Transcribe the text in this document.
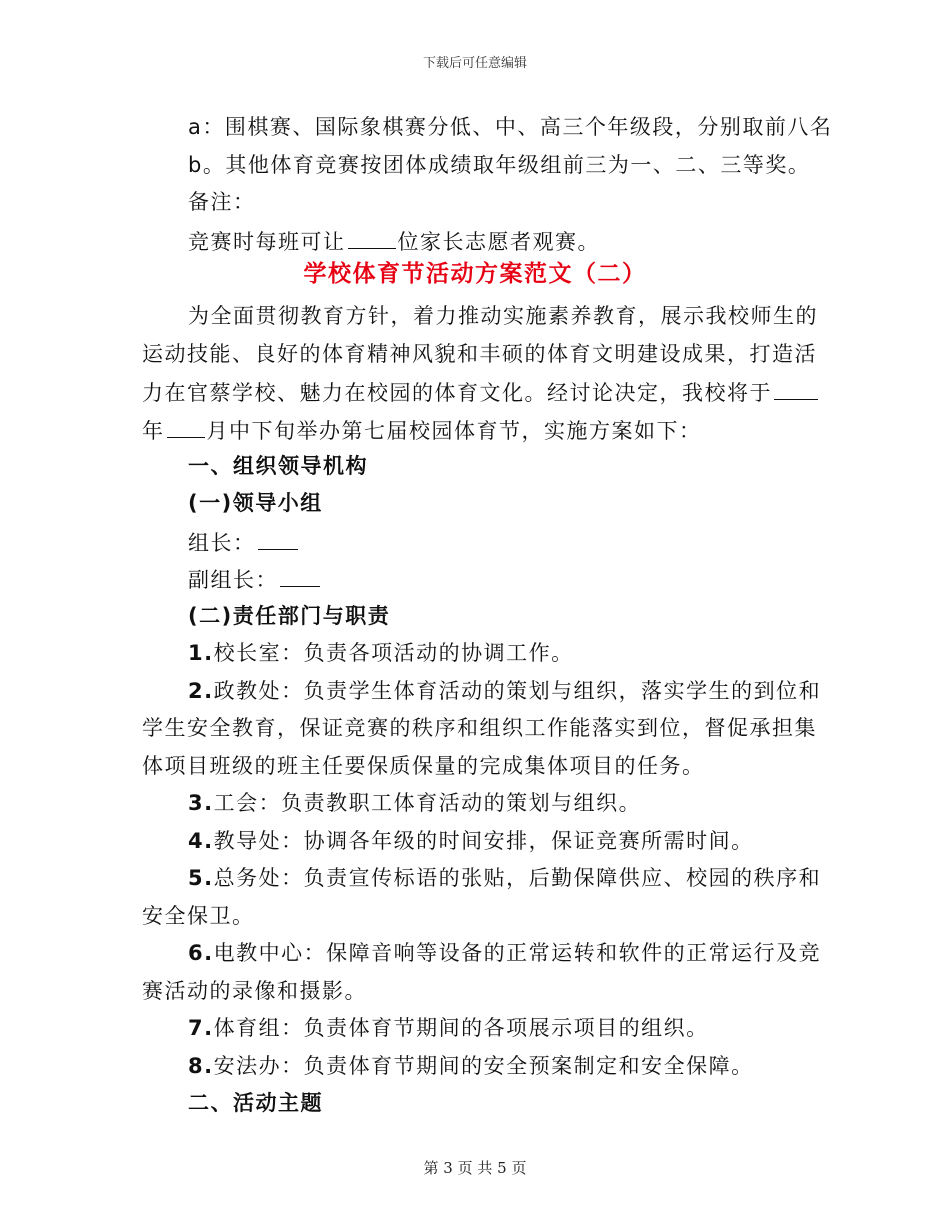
下载后可任意编辑
a：围棋赛、国际象棋赛分低、中、高三个年级段，分别取前八名
b。其他体育竞赛按团体成绩取年级组前三为一、二、三等奖。
备注：
竞赛时每班可让 位家长志愿者观赛。
学校体育节活动方案范文（二）
为全面贯彻教育方针，着力推动实施素养教育，展示我校师生的
运动技能、良好的体育精神风貌和丰硕的体育文明建设成果，打造活
力在官蔡学校、魅力在校园的体育文化。经讨论决定，我校将于
年 月中下旬举办第七届校园体育节，实施方案如下：
一、组织领导机构
(一)领导小组
组长：
副组长：
(二)责任部门与职责
1.校长室：负责各项活动的协调工作。
2.政教处：负责学生体育活动的策划与组织，落实学生的到位和
学生安全教育，保证竞赛的秩序和组织工作能落实到位，督促承担集
体项目班级的班主任要保质保量的完成集体项目的任务。
3.工会：负责教职工体育活动的策划与组织。
4.教导处：协调各年级的时间安排，保证竞赛所需时间。
5.总务处：负责宣传标语的张贴，后勤保障供应、校园的秩序和
安全保卫。
6.电教中心：保障音响等设备的正常运转和软件的正常运行及竞
赛活动的录像和摄影。
7.体育组：负责体育节期间的各项展示项目的组织。
8.安法办：负责体育节期间的安全预案制定和安全保障。
二、活动主题
第 3 页 共 5 页
